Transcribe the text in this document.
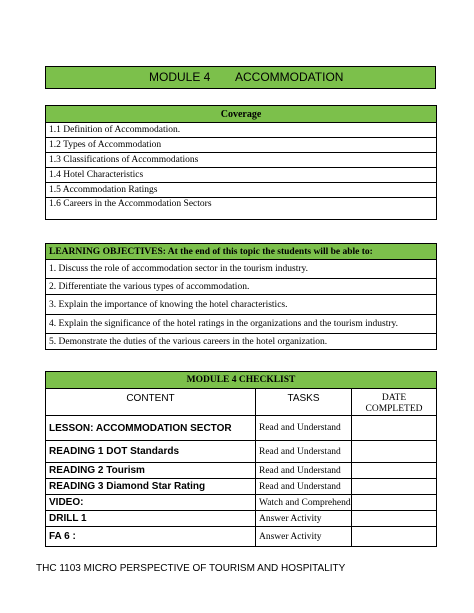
MODULE 4 ACCOMMODATION
Coverage
1.1 Definition of Accommodation.
1.2 Types of Accommodation
1.3 Classifications of Accommodations
1.4 Hotel Characteristics
1.5 Accommodation Ratings
1.6 Careers in the Accommodation Sectors
LEARNING OBJECTIVES: At the end of this topic the students will be able to:
1. Discuss the role of accommodation sector in the tourism industry.
2. Differentiate the various types of accommodation.
3. Explain the importance of knowing the hotel characteristics.
4. Explain the significance of the hotel ratings in the organizations and the tourism industry.
5. Demonstrate the duties of the various careers in the hotel organization.
MODULE 4 CHECKLIST		
CONTENT	TASKS	DATE
COMPLETED

LESSON: ACCOMMODATION SECTOR	Read and Understand	
READING 1 DOT Standards	Read and Understand	
READING 2 Tourism	Read and Understand	
READING 3 Diamond Star Rating	Read and Understand	
VIDEO:	Watch and Comprehend	
DRILL 1	Answer Activity	
FA 6 :	Answer Activity	
THC 1103 MICRO PERSPECTIVE OF TOURISM AND HOSPITALITY
